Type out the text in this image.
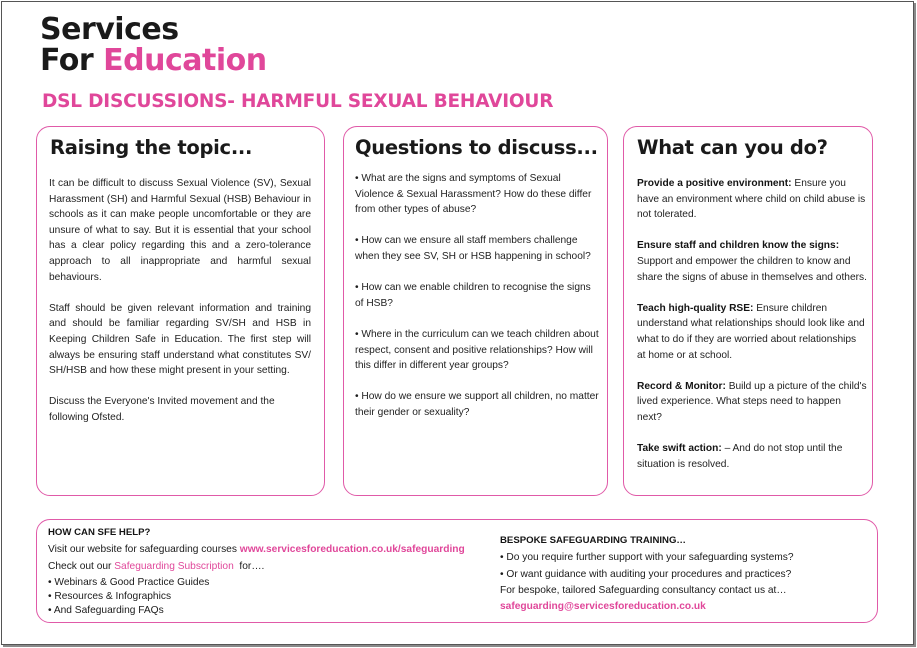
Services
For Education
DSL DISCUSSIONS- HARMFUL SEXUAL BEHAVIOUR
Raising the topic...

It can be difficult to discuss Sexual Violence (SV), Sexual Harassment (SH) and Harmful Sexual (HSB) Behaviour in schools as it can make people uncomfortable or they are unsure of what to say. But it is essential that your school has a clear policy regarding this and a zero-tolerance approach to all inappropriate and harmful sexual behaviours.

Staff should be given relevant information and training and should be familiar regarding SV/SH and HSB in Keeping Children Safe in Education. The first step will always be ensuring staff understand what constitutes SV/ SH/HSB and how these might present in your setting.

Discuss the Everyone's Invited movement and the following Ofsted.

Questions to discuss...

• What are the signs and symptoms of Sexual Violence & Sexual Harassment? How do these differ from other types of abuse?

• How can we ensure all staff members challenge when they see SV, SH or HSB happening in school?

• How can we enable children to recognise the signs of HSB?

• Where in the curriculum can we teach children about respect, consent and positive relationships? How will this differ in different year groups?

• How do we ensure we support all children, no matter their gender or sexuality?

What can you do?

Provide a positive environment: Ensure you have an environment where child on child abuse is not tolerated.

Ensure staff and children know the signs: Support and empower the children to know and share the signs of abuse in themselves and others.

Teach high-quality RSE: Ensure children understand what relationships should look like and what to do if they are worried about relationships at home or at school.

Record & Monitor: Build up a picture of the child's lived experience. What steps need to happen next?

Take swift action: – And do not stop until the situation is resolved.

HOW CAN SFE HELP?
Visit our website for safeguarding courses www.servicesforeducation.co.uk/safeguarding
Check out our Safeguarding Subscription  for….
• Webinars & Good Practice Guides
• Resources & Infographics
• And Safeguarding FAQs
BESPOKE SAFEGUARDING TRAINING…
• Do you require further support with your safeguarding systems?
• Or want guidance with auditing your procedures and practices?
For bespoke, tailored Safeguarding consultancy contact us at…
safeguarding@servicesforeducation.co.uk
